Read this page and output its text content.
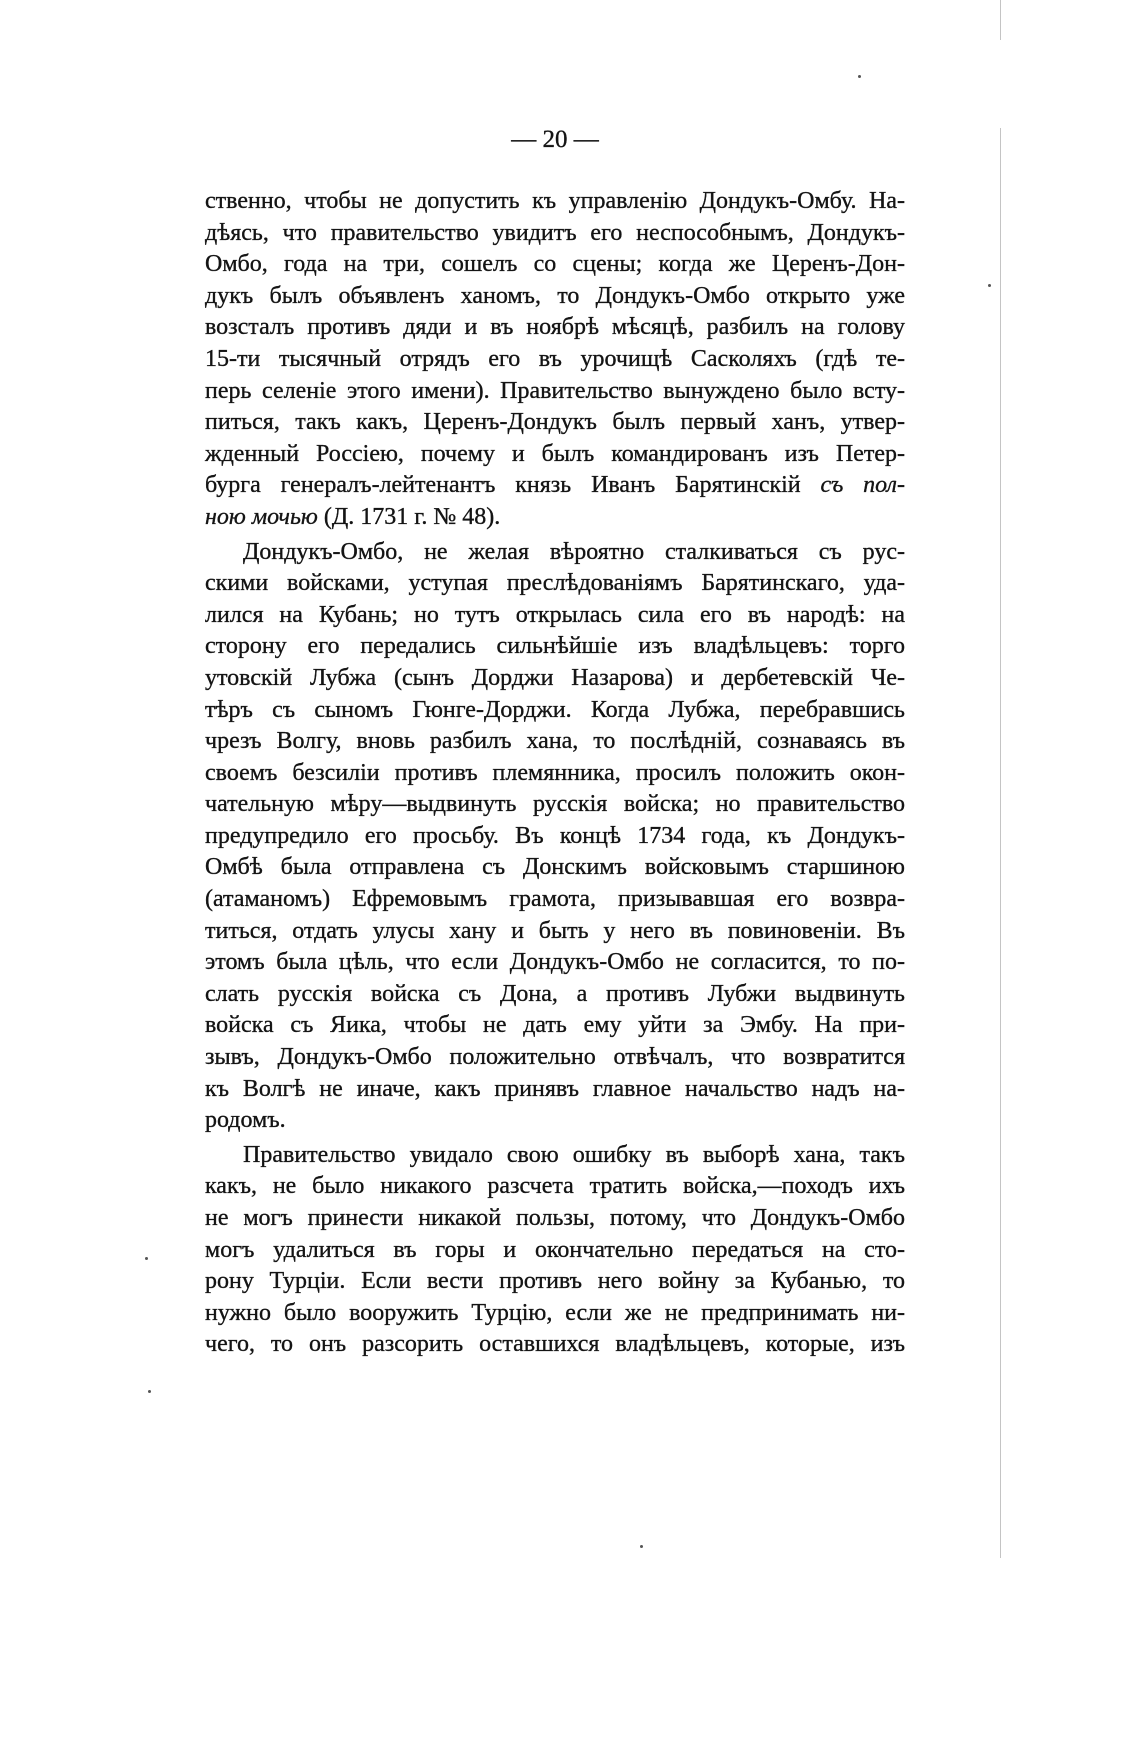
— 20 —
ственно, чтобы не допустить къ управленію Дондукъ-Омбу. На-
дѣясь, что правительство увидитъ его неспособнымъ, Дондукъ-
Омбо, года на три, сошелъ со сцены; когда же Церенъ-Дон-
дукъ былъ объявленъ ханомъ, то Дондукъ-Омбо открыто уже
возсталъ противъ дяди и въ ноябрѣ мѣсяцѣ, разбилъ на голову
15-ти тысячный отрядъ его въ урочищѣ Сасколяхъ (гдѣ те-
перь селеніе этого имени). Правительство вынуждено было всту-
питься, такъ какъ, Церенъ-Дондукъ былъ первый ханъ, утвер-
жденный Россіею, почему и былъ командированъ изъ Петер-
бурга генералъ-лейтенантъ князь Иванъ Барятинскій съ пол-
ною мочью (Д. 1731 г. № 48).
Дондукъ-Омбо, не желая вѣроятно сталкиваться съ рус-
скими войсками, уступая преслѣдованіямъ Барятинскаго, уда-
лился на Кубань; но тутъ открылась сила его въ народѣ: на
сторону его передались сильнѣйшіе изъ владѣльцевъ: торго
утовскій Лубжа (сынъ Дорджи Назарова) и дербетевскій Че-
тѣръ съ сыномъ Гюнге-Дорджи. Когда Лубжа, перебравшись
чрезъ Волгу, вновь разбилъ хана, то послѣдній, сознаваясь въ
своемъ безсиліи противъ племянника, просилъ положить окон-
чательную мѣру—выдвинуть русскія войска; но правительство
предупредило его просьбу. Въ концѣ 1734 года, къ Дондукъ-
Омбѣ была отправлена съ Донскимъ войсковымъ старшиною
(атаманомъ) Ефремовымъ грамота, призывавшая его возвра-
титься, отдать улусы хану и быть у него въ повиновеніи. Въ
этомъ была цѣль, что если Дондукъ-Омбо не согласится, то по-
слать русскія войска съ Дона, а противъ Лубжи выдвинуть
войска съ Яика, чтобы не дать ему уйти за Эмбу. На при-
зывъ, Дондукъ-Омбо положительно отвѣчалъ, что возвратится
къ Волгѣ не иначе, какъ принявъ главное начальство надъ на-
родомъ.
Правительство увидало свою ошибку въ выборѣ хана, такъ
какъ, не было никакого разсчета тратить войска,—походъ ихъ
не могъ принести никакой пользы, потому, что Дондукъ-Омбо
могъ удалиться въ горы и окончательно передаться на сто-
рону Турціи. Если вести противъ него войну за Кубанью, то
нужно было вооружить Турцію, если же не предпринимать ни-
чего, то онъ разсорить оставшихся владѣльцевъ, которые, изъ
